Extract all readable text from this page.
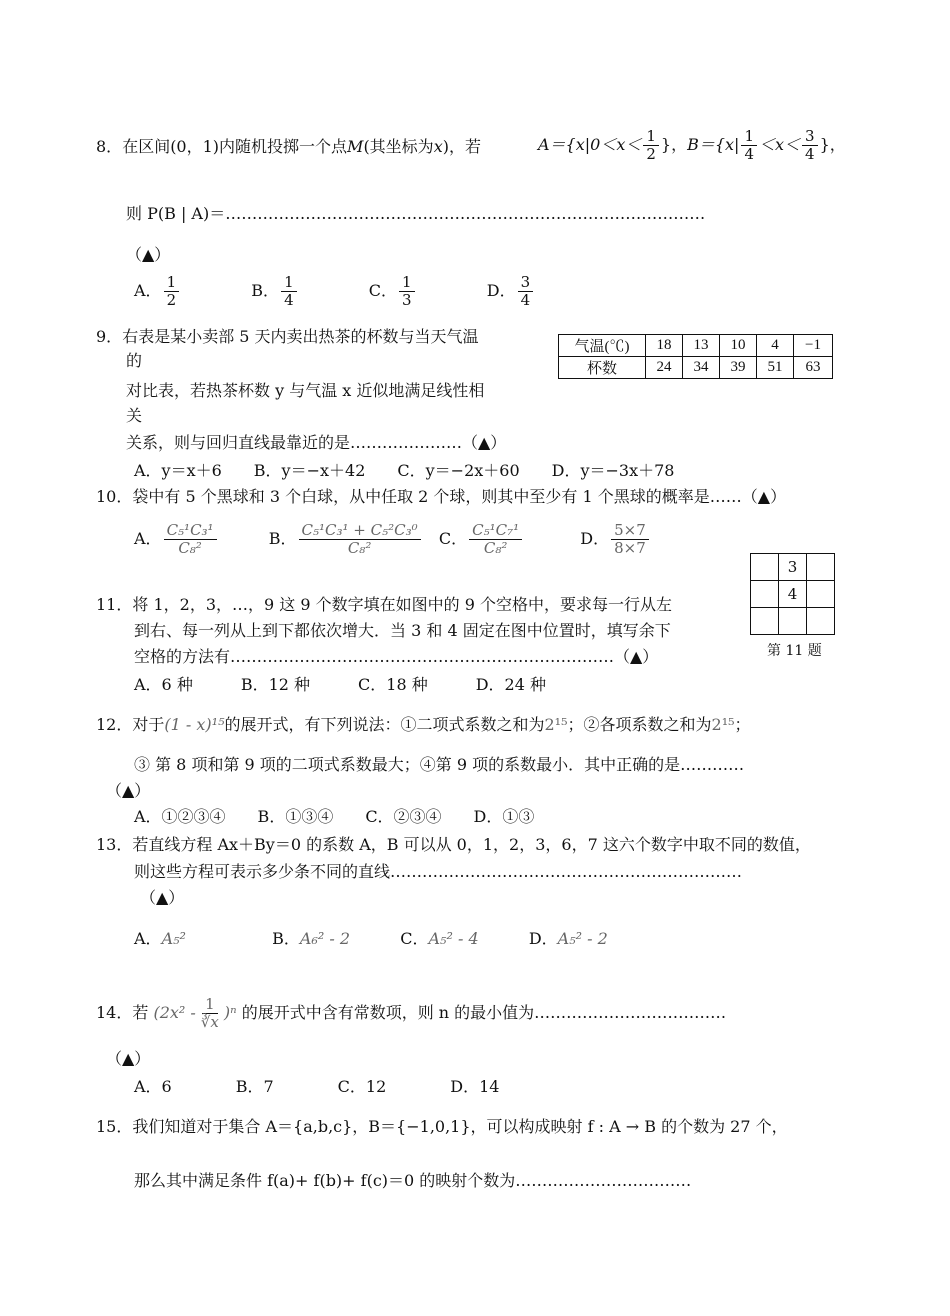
8．在区间(0，1)内随机投掷一个点M(其坐标为x)，若	$A=\{x|0<x< \frac{1}{2}$ }，$B=\{x| \frac{1}{4} <x< \frac{3}{4}$ }，
则 P(B | A)＝………………………………………………………………………………
（▲）
A． $\frac{1}{2}$	B． $\frac{1}{4}$	C． $\frac{1}{3}$	D． $\frac{3}{4}$
9．右表是某小卖部 5 天内卖出热茶的杯数与当天气温
的
对比表，若热茶杯数 y 与气温 x 近似地满足线性相
关
关系，则与回归直线最靠近的是…………………（▲）
A．y＝x＋6　　B．y＝−x＋42　　C．y＝−2x＋60　　D．y＝−3x＋78
气温(℃)	18	13	10	4	−1
杯数	24	34	39	51	63
10．袋中有 5 个黑球和 3 个白球，从中任取 2 个球，则其中至少有 1 个黑球的概率是……（▲）
A． $\frac{\text{C₅¹C₃¹}}{\text{C₈²}}$	B． $\frac{\text{C₅¹C₃¹ + C₅²C₃⁰}}{\text{C₈²}}$ C． $\frac{\text{C₅¹C₇¹}}{\text{C₈²}}$	D． $\frac{5\times 7}{8\times 7}$
	3	
	4	

第 11 题
11．将 1，2，3，…，9 这 9 个数字填在如图中的 9 个空格中，要求每一行从左
到右、每一列从上到下都依次增大．当 3 和 4 固定在图中位置时，填写余下
空格的方法有………………………………………………………………（▲）
A．6 种　　　B．12 种　　　C．18 种　　　D．24 种
12．对于(1 - x)¹⁵的展开式，有下列说法：①二项式系数之和为2¹⁵；②各项系数之和为2¹⁵；
③ 第 8 项和第 9 项的二项式系数最大；④第 9 项的系数最小．其中正确的是…………
（▲）
A．①②③④　　B．①③④　　C．②③④　　D．①③
13．若直线方程 Ax＋By＝0 的系数 A，B 可以从 0，1，2，3，6，7 这六个数字中取不同的数值，
则这些方程可表示多少条不同的直线…………………………………………………………
（▲）
A．A₅²	B．A₆² - 2	C．A₅² - 4	D．A₅² - 2
14．若 $(2x^2 - \frac{1}{∛x} )^n$ 的展开式中含有常数项，则 n 的最小值为………………………………
（▲）
A．6　　　　B．7　　　　C．12　　　　D．14
15．我们知道对于集合 A＝{a,b,c}，B＝{−1,0,1}，可以构成映射 f : A → B 的个数为 27 个，
那么其中满足条件 f(a)+ f(b)+ f(c)＝0 的映射个数为……………………………
